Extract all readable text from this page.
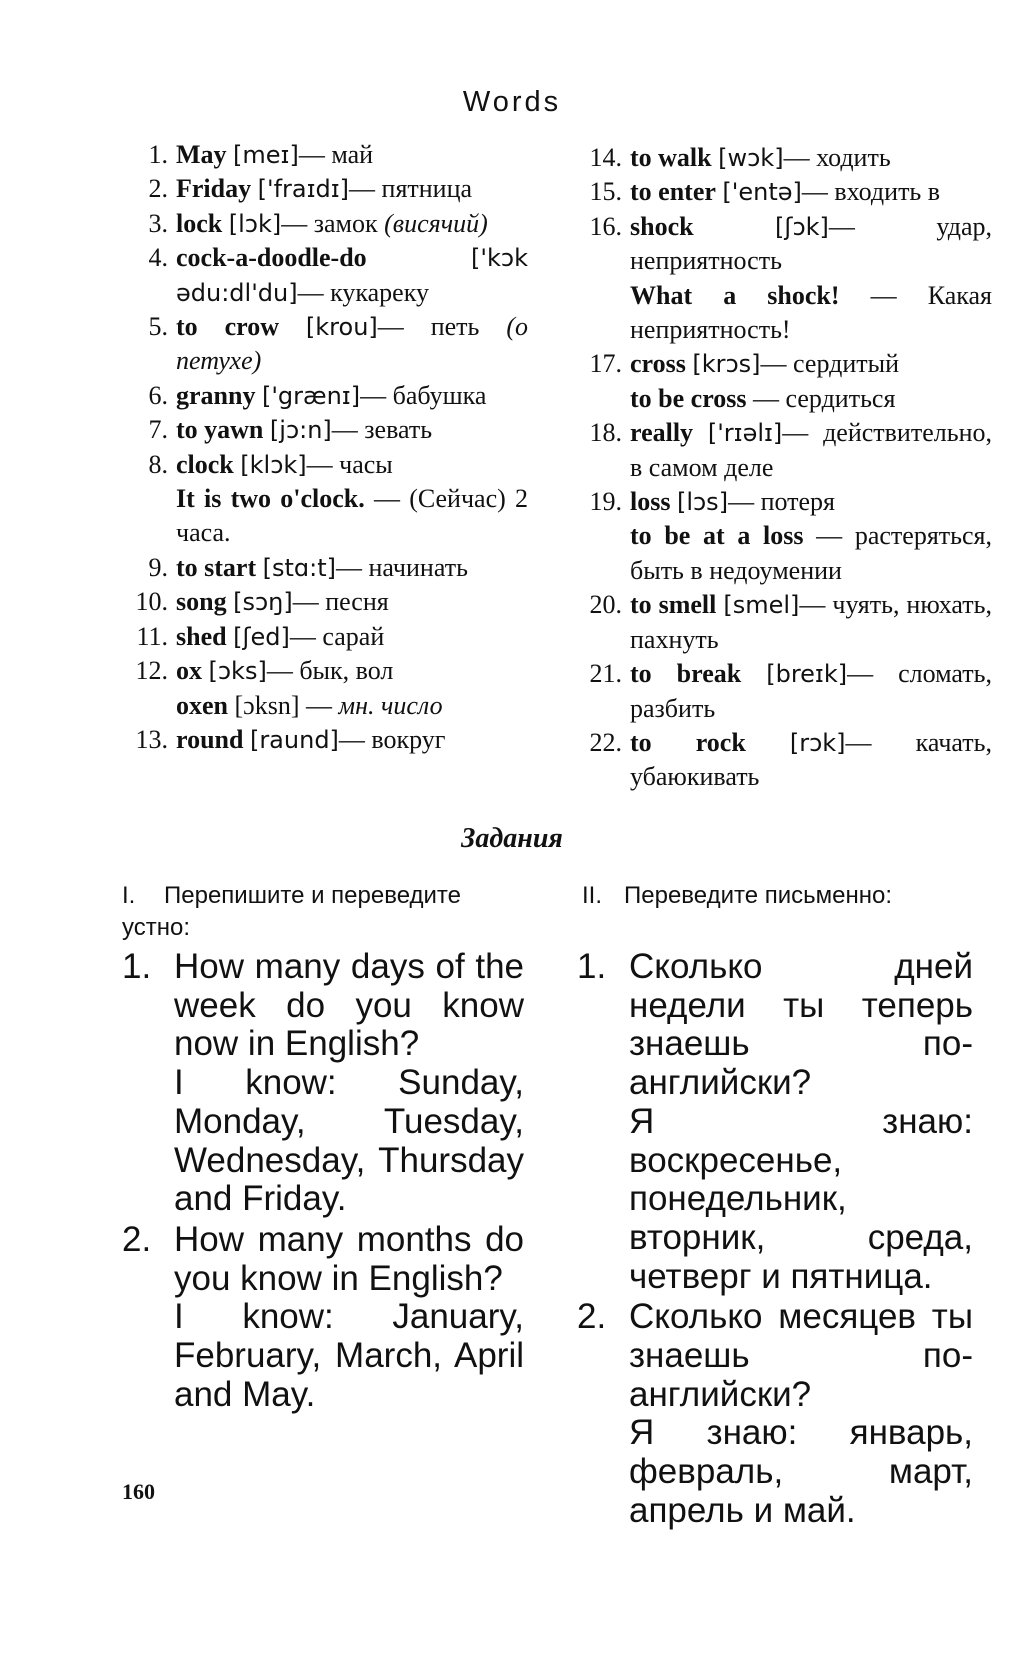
Words
1. May [meɪ]— май
2. Friday ['fraɪdɪ]— пятница
3. lock [lɔk]— замок (висячий)
4. cock-a-doodle-do	['kɔk ədu:dl'du]— кукареку
5. to crow [krou]— петь (о петухе)
6. granny ['grænɪ]— бабушка
7. to yawn [jɔ:n]— зевать
8. clock [klɔk]— часы
It is two o'clock. — (Сейчас) 2 часа.
9. to start [stɑ:t]— начинать
10. song [sɔŋ]— песня
11. shed [ʃed]— сарай
12. ox [ɔks]— бык, вол
oxen [ɔksn] — мн. число
13. round [raund]— вокруг
14. to walk [wɔk]— ходить
15. to enter ['entə]— входить в
16. shock	[ʃɔk]— удар, неприятность
What a shock! — Какая неприятность!
17. cross [krɔs]— сердитый
to be cross — сердиться
18. really ['rɪəlɪ]— действительно, в самом деле
19. loss [lɔs]— потеря
to be at a loss — растеряться, быть в недоумении
20. to smell [smel]— чуять, нюхать, пахнуть
21. to break [breɪk]— сломать, разбить
22. to rock [rɔk]— качать, убаюкивать
Задания
I. Перепишите и переведите устно:
II. Переведите письменно:
1. How many days of the week do you know now in English?
I know: Sunday, Monday, Tuesday, Wednesday, Thursday and Friday.
2. How many months do you know in English?
I know: January, February, March, April and May.
1. Сколько дней недели ты теперь знаешь по-английски?
Я знаю: воскресенье, понедельник, вторник, среда, четверг и пятница.
2. Сколько месяцев ты знаешь по-английски?
Я знаю: январь, февраль, март, апрель и май.
160
